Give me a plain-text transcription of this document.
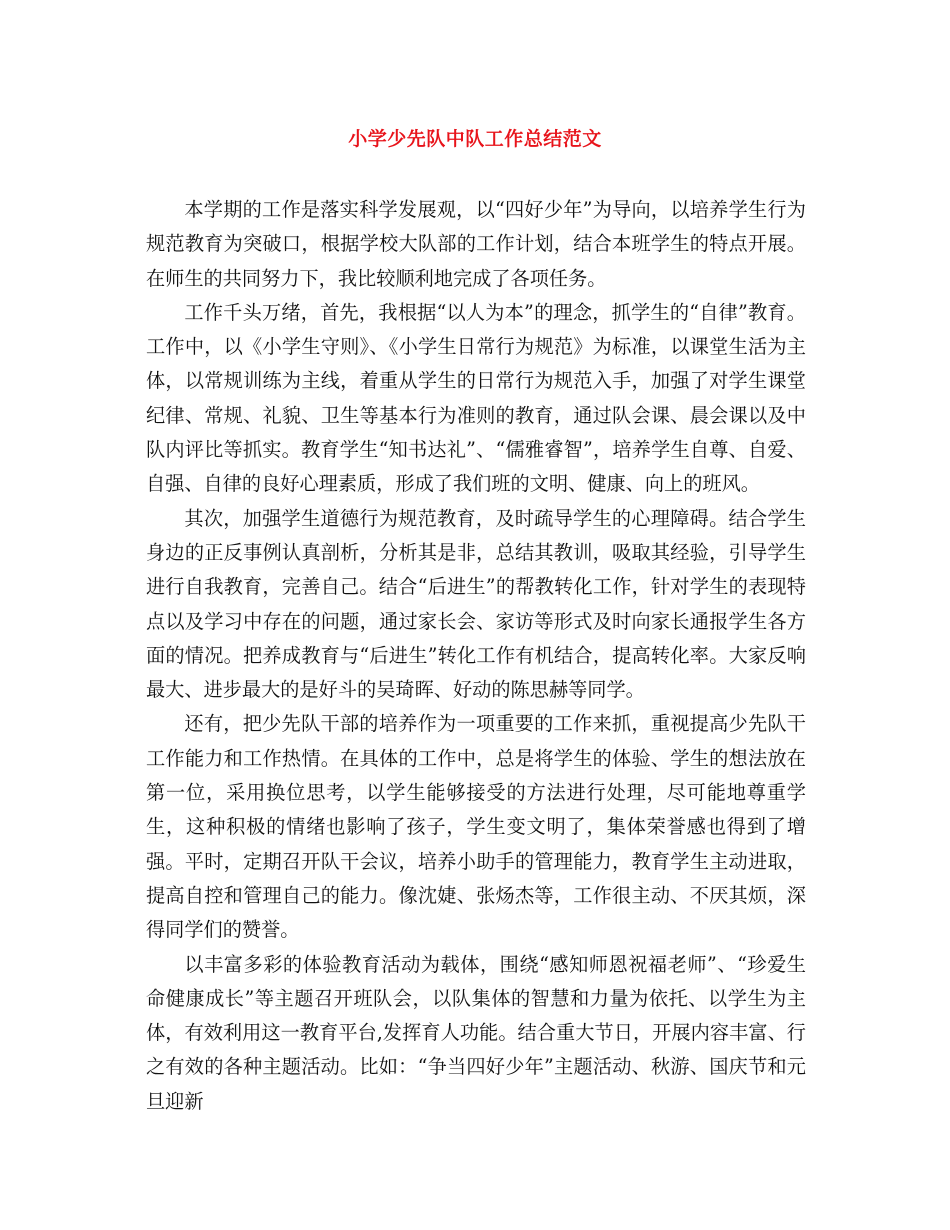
小学少先队中队工作总结范文

本学期的工作是落实科学发展观，以“四好少年”为导向，以培养学生行为规范教育为突破口，根据学校大队部的工作计划，结合本班学生的特点开展。在师生的共同努力下，我比较顺利地完成了各项任务。

工作千头万绪，首先，我根据“以人为本”的理念，抓学生的“自律”教育。工作中，以《小学生守则》、《小学生日常行为规范》为标准，以课堂生活为主体，以常规训练为主线，着重从学生的日常行为规范入手，加强了对学生课堂纪律、常规、礼貌、卫生等基本行为准则的教育，通过队会课、晨会课以及中队内评比等抓实。教育学生“知书达礼”、“儒雅睿智”，培养学生自尊、自爱、自强、自律的良好心理素质，形成了我们班的文明、健康、向上的班风。

其次，加强学生道德行为规范教育，及时疏导学生的心理障碍。结合学生身边的正反事例认真剖析，分析其是非，总结其教训，吸取其经验，引导学生进行自我教育，完善自己。结合“后进生”的帮教转化工作，针对学生的表现特点以及学习中存在的问题，通过家长会、家访等形式及时向家长通报学生各方面的情况。把养成教育与“后进生”转化工作有机结合，提高转化率。大家反响最大、进步最大的是好斗的吴琦晖、好动的陈思赫等同学。

还有，把少先队干部的培养作为一项重要的工作来抓，重视提高少先队干工作能力和工作热情。在具体的工作中，总是将学生的体验、学生的想法放在第一位，采用换位思考，以学生能够接受的方法进行处理，尽可能地尊重学生，这种积极的情绪也影响了孩子，学生变文明了，集体荣誉感也得到了增强。平时，定期召开队干会议，培养小助手的管理能力，教育学生主动进取，提高自控和管理自己的能力。像沈婕、张炀杰等，工作很主动、不厌其烦，深得同学们的赞誉。

以丰富多彩的体验教育活动为载体，围绕“感知师恩祝福老师”、“珍爱生命健康成长”等主题召开班队会，以队集体的智慧和力量为依托、以学生为主体，有效利用这一教育平台,发挥育人功能。结合重大节日，开展内容丰富、行之有效的各种主题活动。比如：“争当四好少年”主题活动、秋游、国庆节和元旦迎新
